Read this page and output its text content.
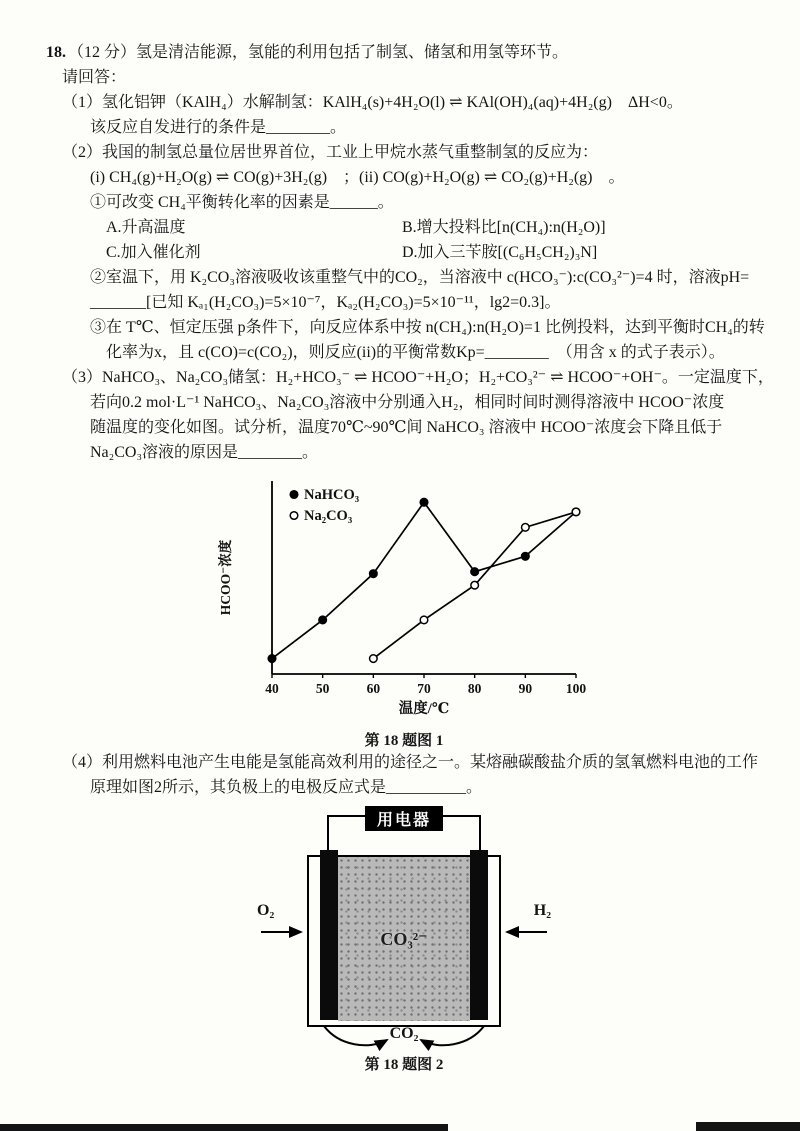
18. （12 分）氢是清洁能源，氢能的利用包括了制氢、储氢和用氢等环节。
请回答：
（1）氢化铝钾（KAlH₄）水解制氢：KAlH₄(s)+4H₂O(l) ⇌ KAl(OH)₄(aq)+4H₂(g)　ΔH<0。
该反应自发进行的条件是________。
（2）我国的制氢总量位居世界首位，工业上甲烷水蒸气重整制氢的反应为：
(i) CH₄(g)+H₂O(g) ⇌ CO(g)+3H₂(g)　；(ii) CO(g)+H₂O(g) ⇌ CO₂(g)+H₂(g)　。
①可改变 CH₄平衡转化率的因素是______。
A.升高温度	B.增大投料比[n(CH₄):n(H₂O)]
C.加入催化剂	D.加入三苄胺[(C₆H₅CH₂)₃N]
②室温下，用 K₂CO₃溶液吸收该重整气中的CO₂，当溶液中 c(HCO₃⁻):c(CO₃²⁻)=4 时，溶液pH=
_______[已知 Kₐ₁(H₂CO₃)=5×10⁻⁷，Kₐ₂(H₂CO₃)=5×10⁻¹¹，lg2=0.3]。
③在 T℃、恒定压强 p条件下，向反应体系中按 n(CH₄):n(H₂O)=1 比例投料，达到平衡时CH₄的转
化率为x，且 c(CO)=c(CO₂)，则反应(ii)的平衡常数Kp=________　（用含 x 的式子表示）。
（3）NaHCO₃、Na₂CO₃储氢：H₂+HCO₃⁻ ⇌ HCOO⁻+H₂O；H₂+CO₃²⁻ ⇌ HCOO⁻+OH⁻。一定温度下，
若向0.2 mol·L⁻¹ NaHCO₃、Na₂CO₃溶液中分别通入H₂，相同时间时测得溶液中 HCOO⁻浓度
随温度的变化如图。试分析，温度70℃~90℃间 NaHCO₃ 溶液中 HCOO⁻浓度会下降且低于
Na₂CO₃溶液的原因是________。
40	50	60	70	80	90	100
温度/℃
HCOO⁻浓度
NaHCO₃
Na₂CO₃
第 18 题图 1
（4）利用燃料电池产生电能是氢能高效利用的途径之一。某熔融碳酸盐介质的氢氧燃料电池的工作
原理如图2所示，其负极上的电极反应式是__________。
用电器
CO₃²⁻
O₂	H₂
CO₂
第 18 题图 2
